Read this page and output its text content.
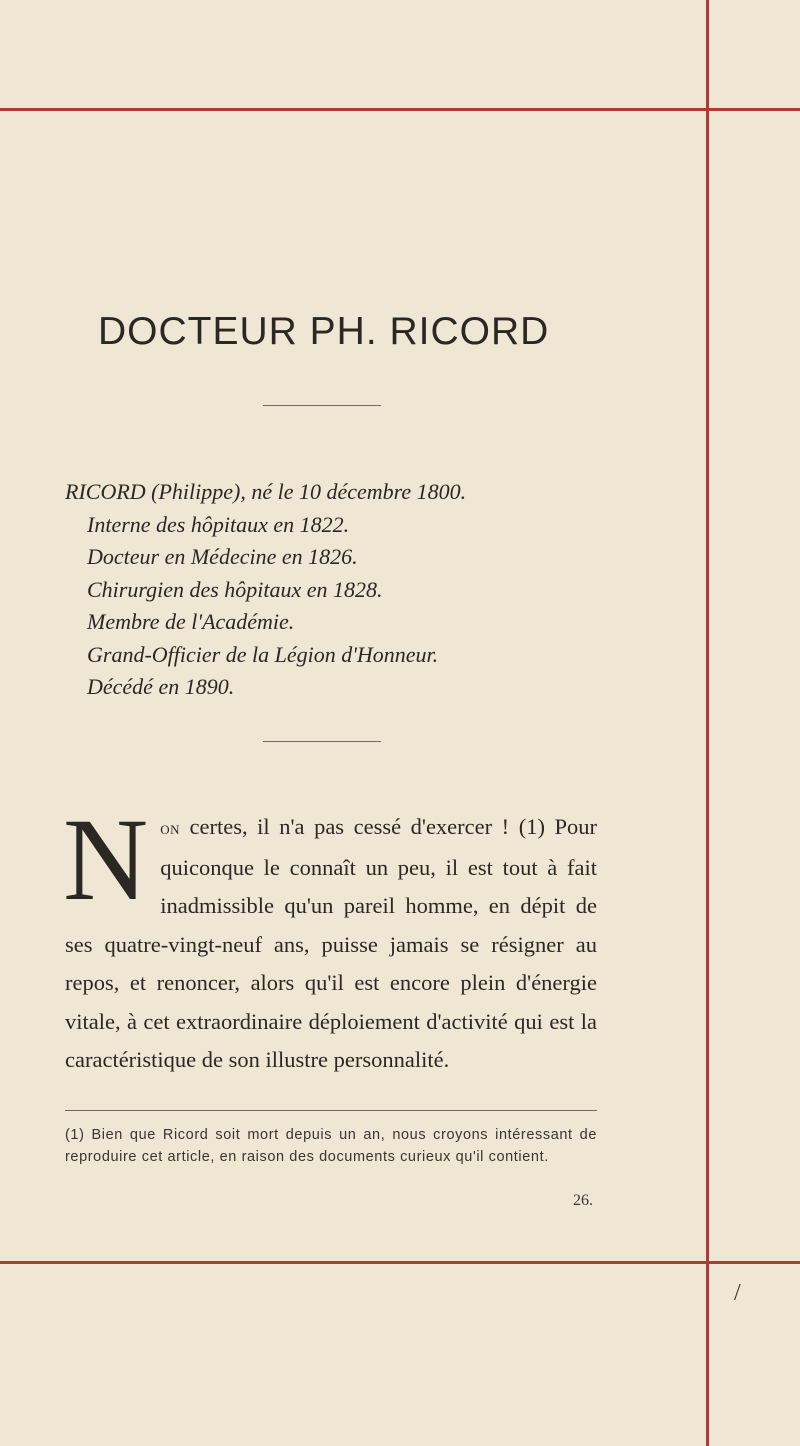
DOCTEUR PH. RICORD
RICORD (Philippe), né le 10 décembre 1800.
Interne des hôpitaux en 1822.
Docteur en Médecine en 1826.
Chirurgien des hôpitaux en 1828.
Membre de l'Académie.
Grand-Officier de la Légion d'Honneur.
Décédé en 1890.
Non certes, il n'a pas cessé d'exercer ! (1) Pour quiconque le connaît un peu, il est tout à fait inadmissible qu'un pareil homme, en dépit de ses quatre-vingt-neuf ans, puisse jamais se résigner au repos, et renoncer, alors qu'il est encore plein d'énergie vitale, à cet extraordinaire déploiement d'activité qui est la caractéristique de son illustre personnalité.
(1) Bien que Ricord soit mort depuis un an, nous croyons intéressant de reproduire cet article, en raison des documents curieux qu'il contient.
26.
/
